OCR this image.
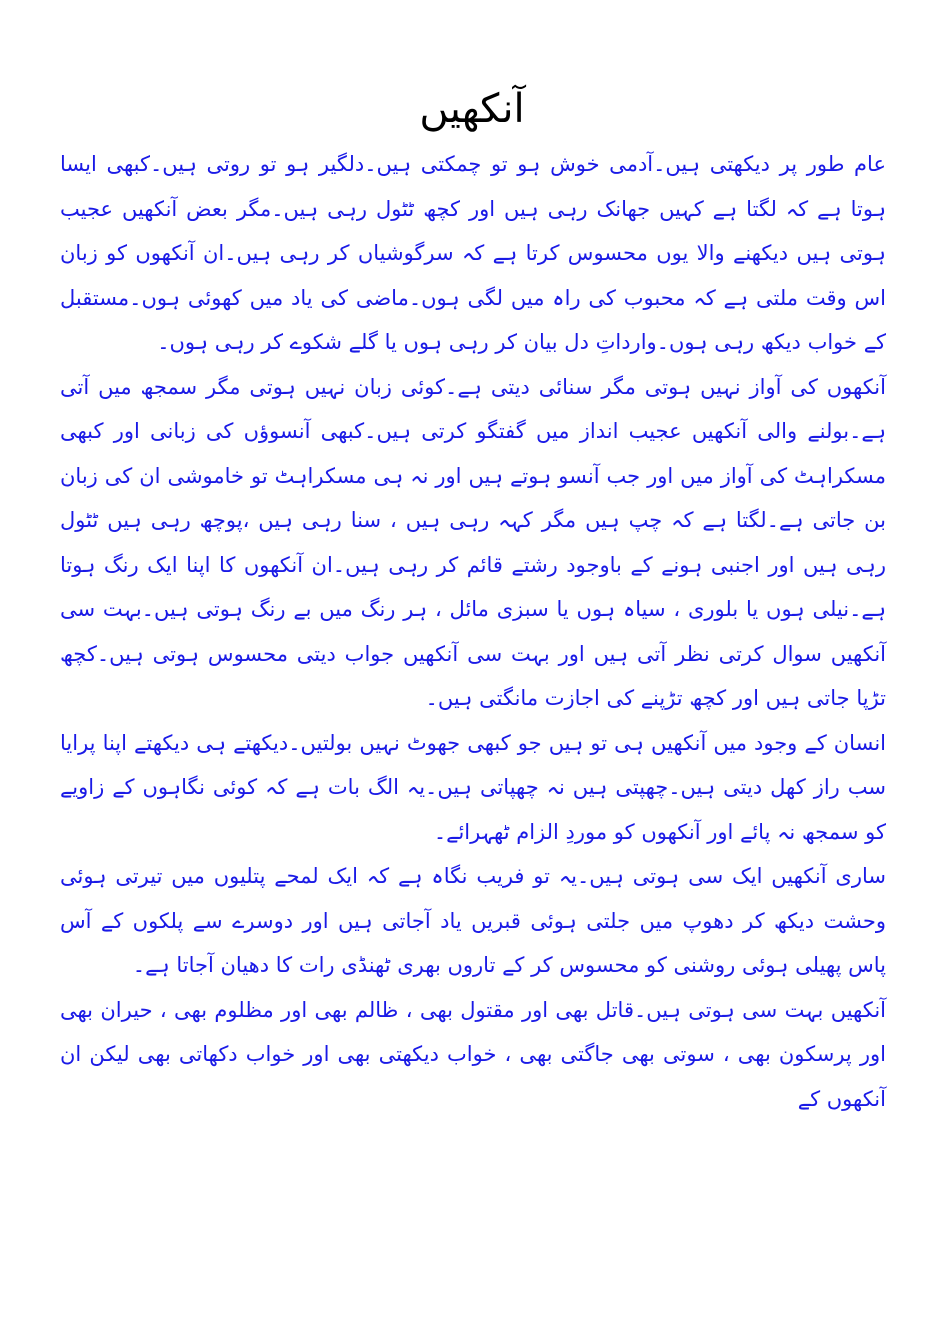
آنکھیں

عام طور پر دیکھتی ہیں۔آدمی خوش ہو تو چمکتی ہیں۔دلگیر ہو تو روتی ہیں۔کبھی ایسا ہوتا ہے کہ لگتا ہے کہیں جھانک رہی ہیں اور کچھ ٹٹول رہی ہیں۔مگر بعض آنکھیں عجیب ہوتی ہیں دیکھنے والا یوں محسوس کرتا ہے کہ سرگوشیاں کر رہی ہیں۔ان آنکھوں کو زبان اس وقت ملتی ہے کہ محبوب کی راہ میں لگی ہوں۔ماضی کی یاد میں کھوئی ہوں۔مستقبل کے خواب دیکھ رہی ہوں۔وارداتِ دل بیان کر رہی ہوں یا گلے شکوے کر رہی ہوں۔

آنکھوں کی آواز نہیں ہوتی مگر سنائی دیتی ہے۔کوئی زبان نہیں ہوتی مگر سمجھ میں آتی ہے۔بولنے والی آنکھیں عجیب انداز میں گفتگو کرتی ہیں۔کبھی آنسوؤں کی زبانی اور کبھی مسکراہٹ کی آواز میں اور جب آنسو ہوتے ہیں اور نہ ہی مسکراہٹ تو خاموشی ان کی زبان بن جاتی ہے۔لگتا ہے کہ چپ ہیں مگر کہہ رہی ہیں ، سنا رہی ہیں ،پوچھ رہی ہیں ٹٹول رہی ہیں اور اجنبی ہونے کے باوجود رشتے قائم کر رہی ہیں۔ان آنکھوں کا اپنا ایک رنگ ہوتا ہے۔نیلی ہوں یا بلوری ، سیاہ ہوں یا سبزی مائل ، ہر رنگ میں بے رنگ ہوتی ہیں۔بہت سی آنکھیں سوال کرتی نظر آتی ہیں اور بہت سی آنکھیں جواب دیتی محسوس ہوتی ہیں۔کچھ تڑپا جاتی ہیں اور کچھ تڑپنے کی اجازت مانگتی ہیں۔

انسان کے وجود میں آنکھیں ہی تو ہیں جو کبھی جھوٹ نہیں بولتیں۔دیکھتے ہی دیکھتے اپنا پرایا سب راز کھل دیتی ہیں۔چھپتی ہیں نہ چھپاتی ہیں۔یہ الگ بات ہے کہ کوئی نگاہوں کے زاویے کو سمجھ نہ پائے اور آنکھوں کو موردِ الزام ٹھہرائے۔

ساری آنکھیں ایک سی ہوتی ہیں۔یہ تو فریب نگاہ ہے کہ ایک لمحے پتلیوں میں تیرتی ہوئی وحشت دیکھ کر دھوپ میں جلتی ہوئی قبریں یاد آجاتی ہیں اور دوسرے سے پلکوں کے آس پاس پھیلی ہوئی روشنی کو محسوس کر کے تاروں بھری ٹھنڈی رات کا دھیان آجاتا ہے۔

آنکھیں بہت سی ہوتی ہیں۔قاتل بھی اور مقتول بھی ، ظالم بھی اور مظلوم بھی ، حیران بھی اور پرسکون بھی ، سوتی بھی جاگتی بھی ، خواب دیکھتی بھی اور خواب دکھاتی بھی لیکن ان آنکھوں کے
